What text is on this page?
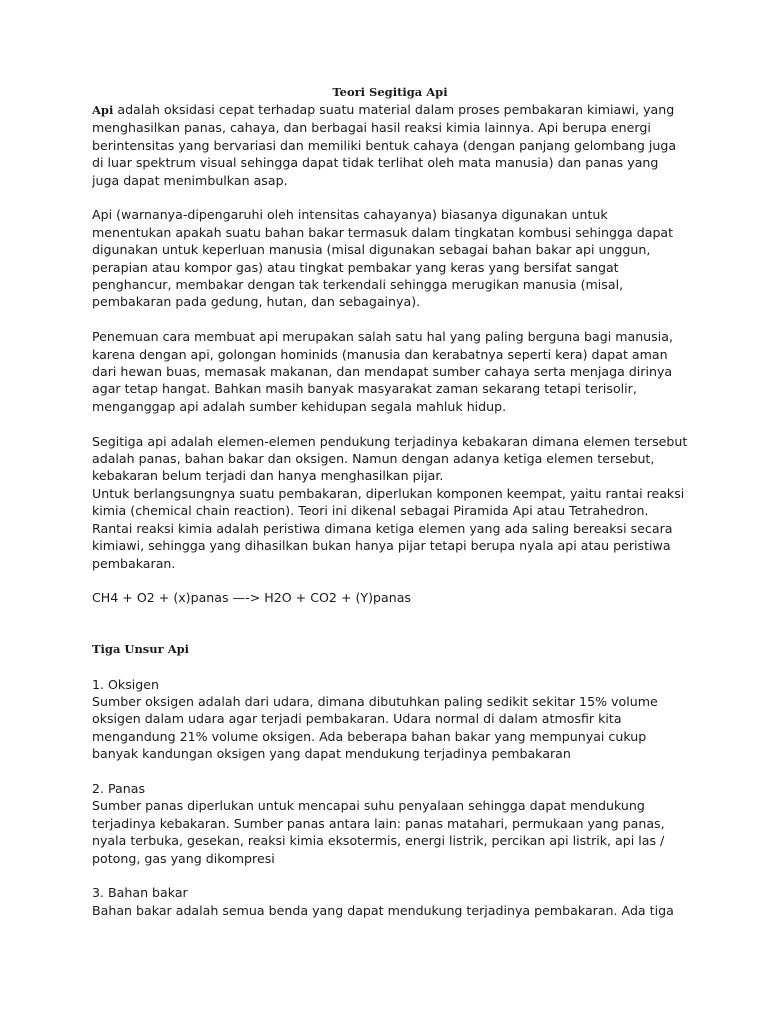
Teori Segitiga Api

Api adalah oksidasi cepat terhadap suatu material dalam proses pembakaran kimiawi, yang menghasilkan panas, cahaya, dan berbagai hasil reaksi kimia lainnya. Api berupa energi berintensitas yang bervariasi dan memiliki bentuk cahaya (dengan panjang gelombang juga di luar spektrum visual sehingga dapat tidak terlihat oleh mata manusia) dan panas yang juga dapat menimbulkan asap.

Api (warnanya-dipengaruhi oleh intensitas cahayanya) biasanya digunakan untuk menentukan apakah suatu bahan bakar termasuk dalam tingkatan kombusi sehingga dapat digunakan untuk keperluan manusia (misal digunakan sebagai bahan bakar api unggun, perapian atau kompor gas) atau tingkat pembakar yang keras yang bersifat sangat penghancur, membakar dengan tak terkendali sehingga merugikan manusia (misal, pembakaran pada gedung, hutan, dan sebagainya).

Penemuan cara membuat api merupakan salah satu hal yang paling berguna bagi manusia, karena dengan api, golongan hominids (manusia dan kerabatnya seperti kera) dapat aman dari hewan buas, memasak makanan, dan mendapat sumber cahaya serta menjaga dirinya agar tetap hangat. Bahkan masih banyak masyarakat zaman sekarang tetapi terisolir, menganggap api adalah sumber kehidupan segala mahluk hidup.

Segitiga api adalah elemen-elemen pendukung terjadinya kebakaran dimana elemen tersebut adalah panas, bahan bakar dan oksigen. Namun dengan adanya ketiga elemen tersebut, kebakaran belum terjadi dan hanya menghasilkan pijar.

Untuk berlangsungnya suatu pembakaran, diperlukan komponen keempat, yaitu rantai reaksi kimia (chemical chain reaction). Teori ini dikenal sebagai Piramida Api atau Tetrahedron. Rantai reaksi kimia adalah peristiwa dimana ketiga elemen yang ada saling bereaksi secara kimiawi, sehingga yang dihasilkan bukan hanya pijar tetapi berupa nyala api atau peristiwa pembakaran.

CH4 + O2 + (x)panas —-> H2O + CO2 + (Y)panas

Tiga Unsur Api

1. Oksigen

Sumber oksigen adalah dari udara, dimana dibutuhkan paling sedikit sekitar 15% volume oksigen dalam udara agar terjadi pembakaran. Udara normal di dalam atmosfir kita mengandung 21% volume oksigen. Ada beberapa bahan bakar yang mempunyai cukup banyak kandungan oksigen yang dapat mendukung terjadinya pembakaran

2. Panas

Sumber panas diperlukan untuk mencapai suhu penyalaan sehingga dapat mendukung terjadinya kebakaran. Sumber panas antara lain: panas matahari, permukaan yang panas, nyala terbuka, gesekan, reaksi kimia eksotermis, energi listrik, percikan api listrik, api las / potong, gas yang dikompresi

3. Bahan bakar

Bahan bakar adalah semua benda yang dapat mendukung terjadinya pembakaran. Ada tiga
